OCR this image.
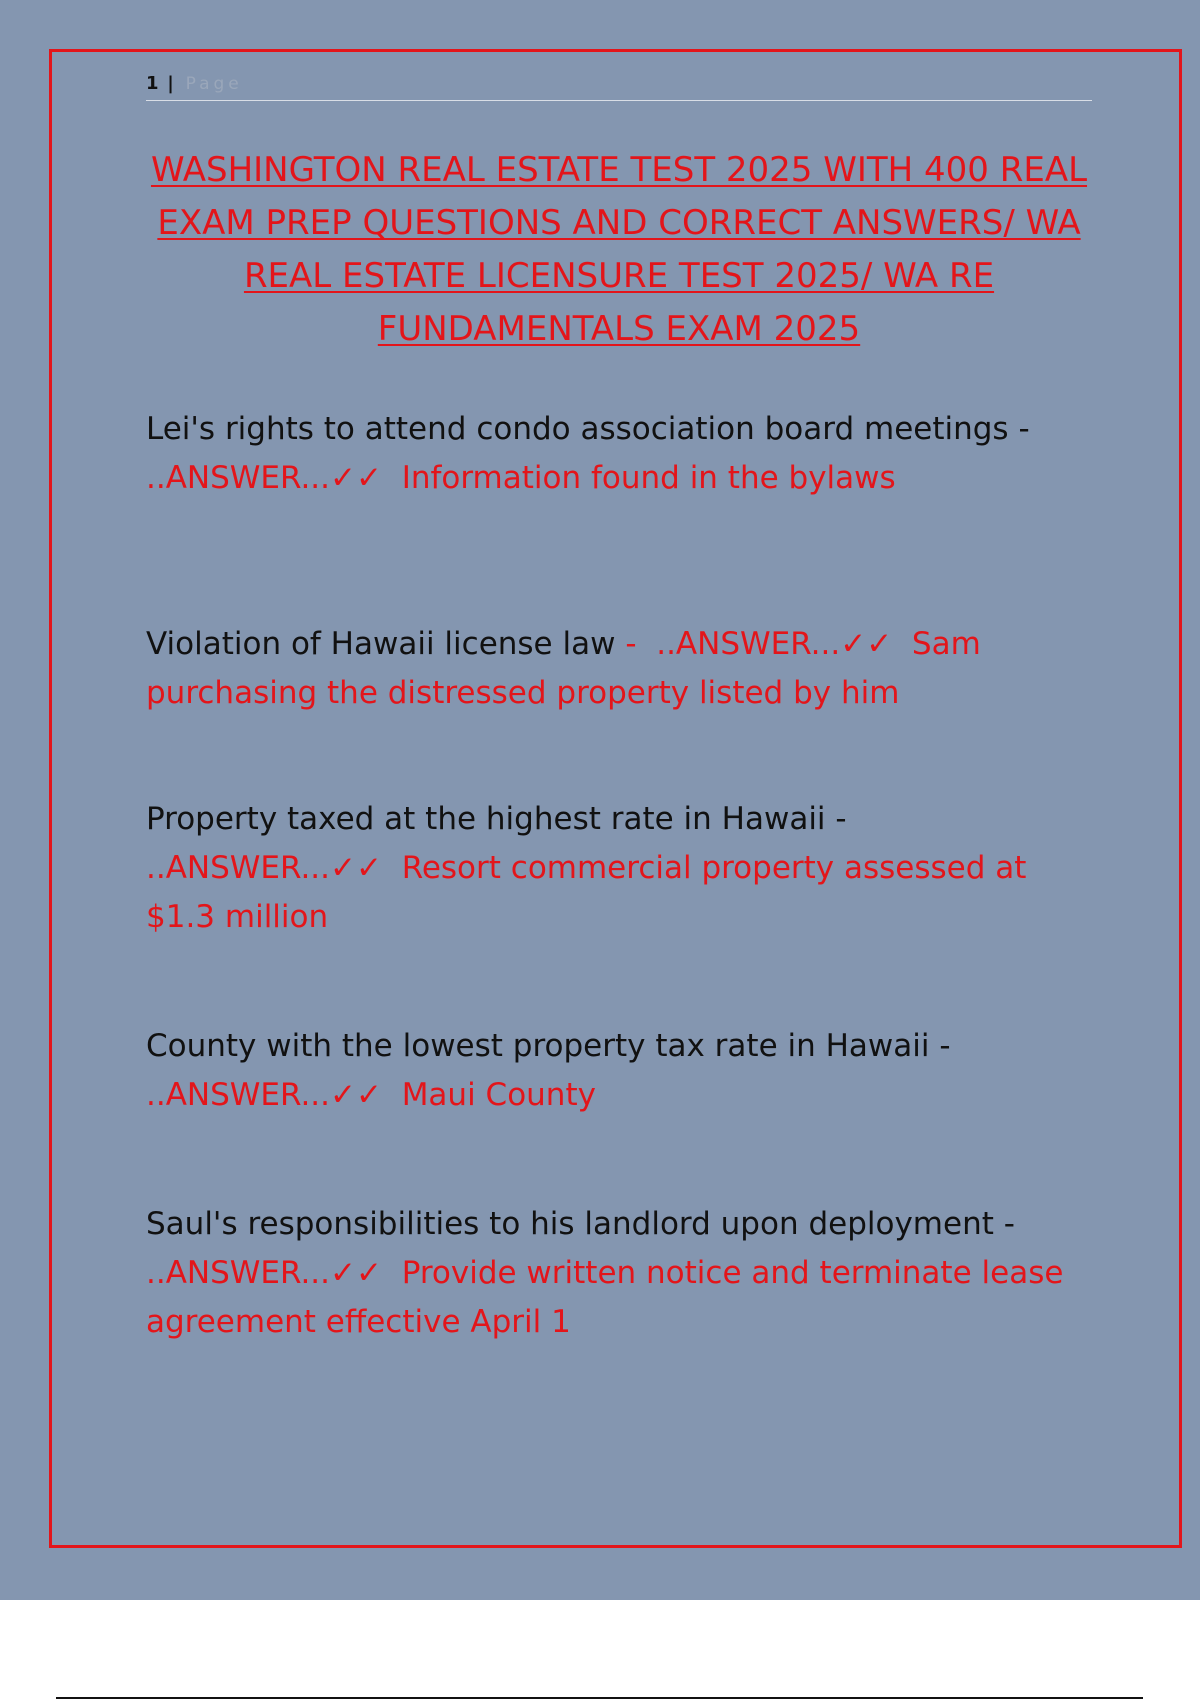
1 | Page
WASHINGTON REAL ESTATE TEST 2025 WITH 400 REAL EXAM PREP QUESTIONS AND CORRECT ANSWERS/ WA REAL ESTATE LICENSURE TEST 2025/ WA RE FUNDAMENTALS EXAM 2025
Lei's rights to attend condo association board meetings - ..ANSWER...✓✓ Information found in the bylaws
Violation of Hawaii license law - ..ANSWER...✓✓ Sam purchasing the distressed property listed by him
Property taxed at the highest rate in Hawaii - ..ANSWER...✓✓ Resort commercial property assessed at $1.3 million
County with the lowest property tax rate in Hawaii - ..ANSWER...✓✓ Maui County
Saul's responsibilities to his landlord upon deployment - ..ANSWER...✓✓ Provide written notice and terminate lease agreement effective April 1
